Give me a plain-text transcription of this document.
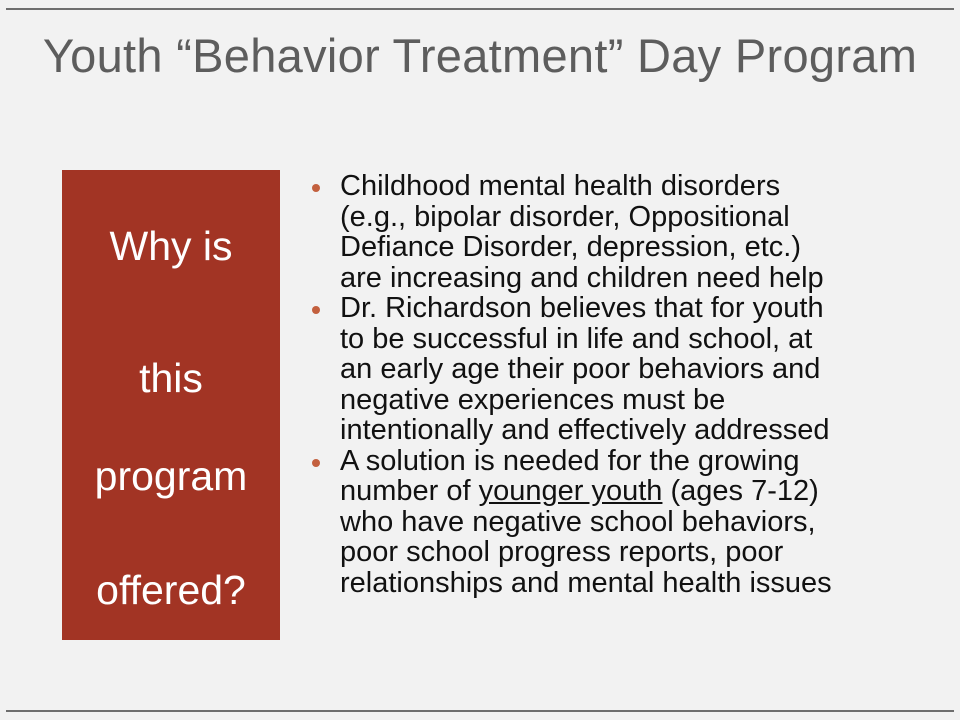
Youth “Behavior Treatment” Day Program
Why is
this
program
offered?
Childhood mental health disorders
(e.g., bipolar disorder, Oppositional
Defiance Disorder, depression, etc.)
are increasing and children need help
Dr. Richardson believes that for youth
to be successful in life and school, at
an early age their poor behaviors and
negative experiences must be
intentionally and effectively addressed
A solution is needed for the growing
number of younger youth (ages 7-12)
who have negative school behaviors,
poor school progress reports, poor
relationships and mental health issues
